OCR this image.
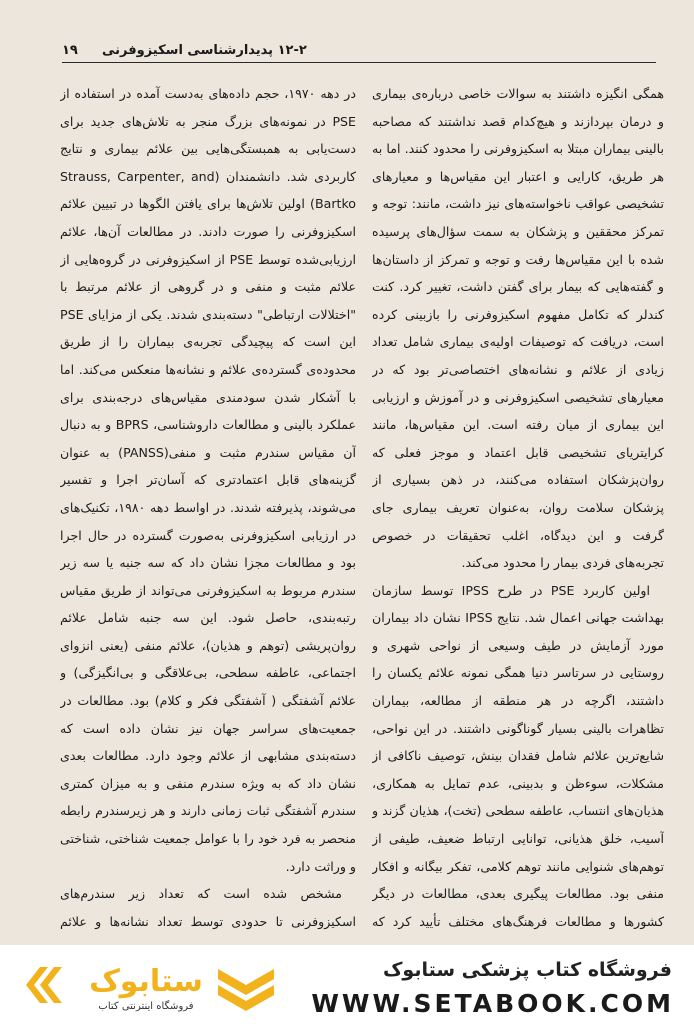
۱۲-۲ پدیدارشناسی اسکیزوفرنی
۱۹

همگی انگیزه داشتند به سوالات خاصی درباره‌ی بیماری و درمان بپردازند و هیچ‌کدام قصد نداشتند که مصاحبه بالینی بیماران مبتلا به اسکیزوفرنی را محدود کنند. اما به هر طریق، کارایی و اعتبار این مقیاس‌ها و معیارهای تشخیصی عواقب ناخواسته‌های نیز داشت، مانند: توجه و تمرکز محققین و پزشکان به سمت سؤال‌های پرسیده شده با این مقیاس‌ها رفت و توجه و تمرکز از داستان‌ها و گفته‌هایی که بیمار برای گفتن داشت، تغییر کرد. کنت کندلر که تکامل مفهوم اسکیزوفرنی را بازبینی کرده است، دریافت که توصیفات اولیه‌ی بیماری شامل تعداد زیادی از علائم و نشانه‌های اختصاصی‌تر بود که در معیارهای تشخیصی اسکیزوفرنی و در آموزش و ارزیابی این بیماری از میان رفته است. این مقیاس‌ها، مانند کرایتریای تشخیصی قابل اعتماد و موجز فعلی که روان‌پزشکان استفاده می‌کنند، در ذهن بسیاری از پزشکان سلامت روان، به‌عنوان تعریف بیماری جای گرفت و این دیدگاه، اغلب تحقیقات در خصوص تجربه‌های فردی بیمار را محدود می‌کند.

اولین کاربرد PSE در طرح IPSS توسط سازمان بهداشت جهانی اعمال شد. نتایج IPSS نشان داد بیماران مورد آزمایش در طیف وسیعی از نواحی شهری و روستایی در سرتاسر دنیا همگی نمونه علائم یکسان را داشتند، اگرچه در هر منطقه از مطالعه، بیماران تظاهرات بالینی بسیار گوناگونی داشتند. در این نواحی، شایع‌ترین علائم شامل فقدان بینش، توصیف ناکافی از مشکلات، سوءظن و بدبینی، عدم تمایل به همکاری، هذیان‌های انتساب، عاطفه سطحی (تخت)، هذیان گزند و آسیب، خلق هذیانی، توانایی ارتباط ضعیف، طیفی از توهم‌های شنوایی مانند توهم کلامی، تفکر بیگانه و افکار منفی بود. مطالعات پیگیری بعدی، مطالعات در دیگر کشورها و مطالعات فرهنگ‌های مختلف تأیید کرد که

در دهه ۱۹۷۰، حجم داده‌های به‌دست آمده در استفاده از PSE در نمونه‌های بزرگ منجر به تلاش‌های جدید برای دست‌یابی به همبستگی‌هایی بین علائم بیماری و نتایج کاربردی شد. دانشمندان (Strauss, Carpenter, and Bartko) اولین تلاش‌ها برای یافتن الگوها در تبیین علائم اسکیزوفرنی را صورت دادند. در مطالعات آن‌ها، علائم ارزیابی‌شده توسط PSE از اسکیزوفرنی در گروه‌هایی از علائم مثبت و منفی و در گروهی از علائم مرتبط با "اختلالات ارتباطی" دسته‌بندی شدند. یکی از مزایای PSE این است که پیچیدگی تجربه‌ی بیماران را از طریق محدوده‌ی گسترده‌ی علائم و نشانه‌ها منعکس می‌کند. اما با آشکار شدن سودمندی مقیاس‌های درجه‌بندی برای عملکرد بالینی و مطالعات داروشناسی، BPRS و به دنبال آن مقیاس سندرم مثبت و منفی(PANSS) به عنوان گزینه‌های قابل اعتمادتری که آسان‌تر اجرا و تفسیر می‌شوند، پذیرفته شدند. در اواسط دهه ۱۹۸۰، تکنیک‌های در ارزیابی اسکیزوفرنی به‌صورت گسترده در حال اجرا بود و مطالعات مجزا نشان داد که سه جنبه یا سه زیر سندرم مربوط به اسکیزوفرنی می‌تواند از طریق مقیاس رتبه‌بندی، حاصل شود. این سه جنبه شامل علائم روان‌پریشی (توهم و هذیان)، علائم منفی (یعنی انزوای اجتماعی، عاطفه سطحی، بی‌علاقگی و بی‌انگیزگی) و علائم آشفتگی ( آشفتگی فکر و کلام) بود. مطالعات در جمعیت‌های سراسر جهان نیز نشان داده است که دسته‌بندی مشابهی از علائم وجود دارد. مطالعات بعدی نشان داد که به ویژه سندرم منفی و به میزان کمتری سندرم آشفتگی ثبات زمانی دارند و هر زیرسندرم رابطه منحصر به فرد خود را با عوامل جمعیت شناختی، شناختی و وراثت دارد.

مشخص شده است که تعداد زیر سندرم‌های اسکیزوفرنی تا حدودی توسط تعداد نشانه‌ها و علائم

ستابوک
فروشگاه اینترنتی کتاب
فروشگاه کتاب پزشکی ستابوک
WWW.SETABOOK.COM
